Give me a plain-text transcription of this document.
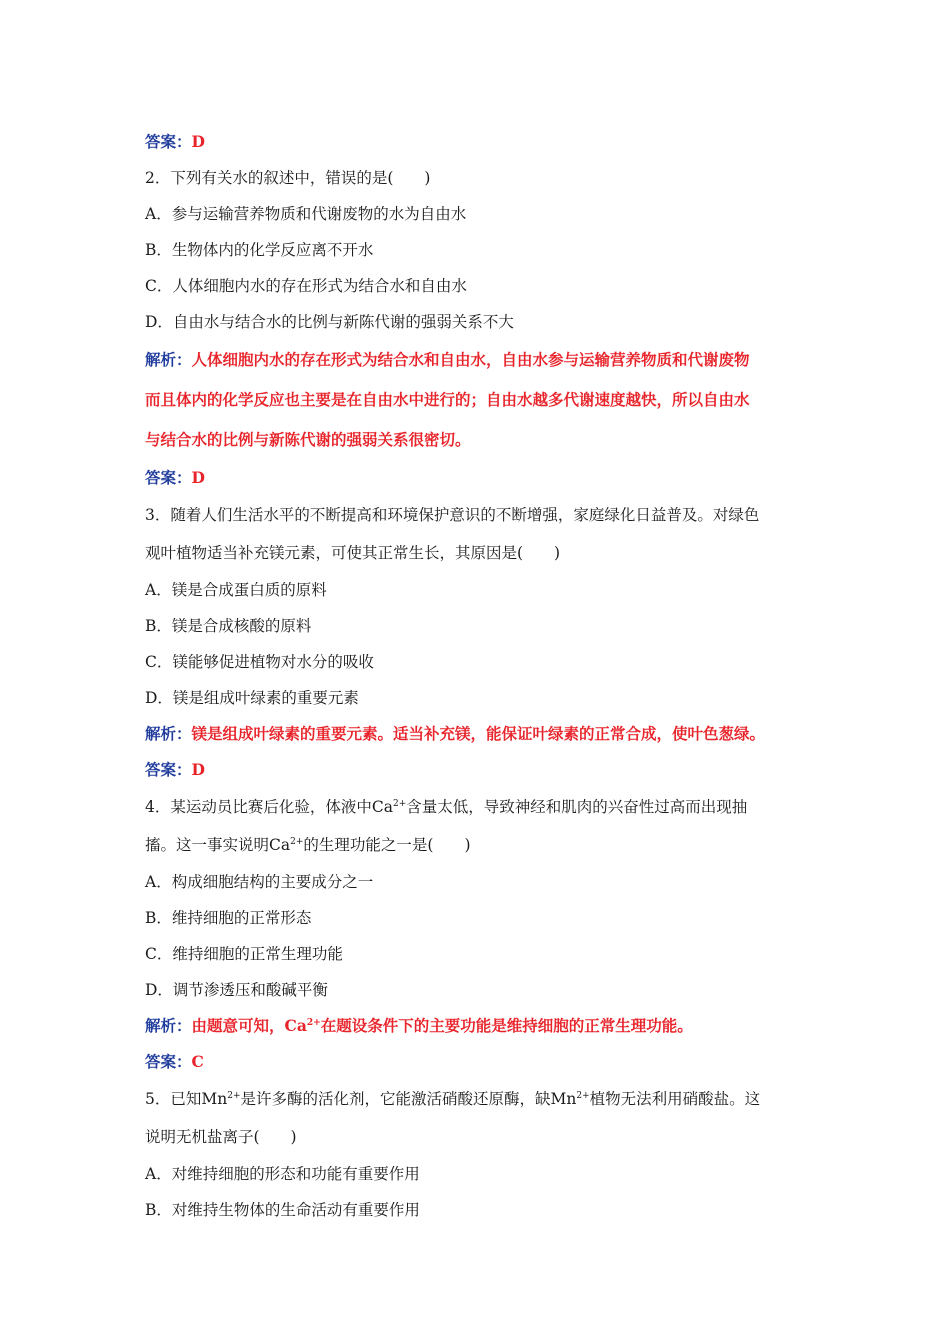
答案：D
2．下列有关水的叙述中，错误的是(　　)
A．参与运输营养物质和代谢废物的水为自由水
B．生物体内的化学反应离不开水
C．人体细胞内水的存在形式为结合水和自由水
D．自由水与结合水的比例与新陈代谢的强弱关系不大
解析：人体细胞内水的存在形式为结合水和自由水，自由水参与运输营养物质和代谢废物
而且体内的化学反应也主要是在自由水中进行的；自由水越多代谢速度越快，所以自由水
与结合水的比例与新陈代谢的强弱关系很密切。
答案：D
3．随着人们生活水平的不断提高和环境保护意识的不断增强，家庭绿化日益普及。对绿色
观叶植物适当补充镁元素，可使其正常生长，其原因是(　　)
A．镁是合成蛋白质的原料
B．镁是合成核酸的原料
C．镁能够促进植物对水分的吸收
D．镁是组成叶绿素的重要元素
解析：镁是组成叶绿素的重要元素。适当补充镁，能保证叶绿素的正常合成，使叶色葱绿。
答案：D
4．某运动员比赛后化验，体液中$Ca^{2+}$含量太低，导致神经和肌肉的兴奋性过高而出现抽
搐。这一事实说明$Ca^{2+}$的生理功能之一是(　　)
A．构成细胞结构的主要成分之一
B．维持细胞的正常形态
C．维持细胞的正常生理功能
D．调节渗透压和酸碱平衡
解析：由题意可知，$Ca^{2+}$在题设条件下的主要功能是维持细胞的正常生理功能。
答案：C
5．已知$Mn^{2+}$是许多酶的活化剂，它能激活硝酸还原酶，缺$Mn^{2+}$植物无法利用硝酸盐。这
说明无机盐离子(　　)
A．对维持细胞的形态和功能有重要作用
B．对维持生物体的生命活动有重要作用
